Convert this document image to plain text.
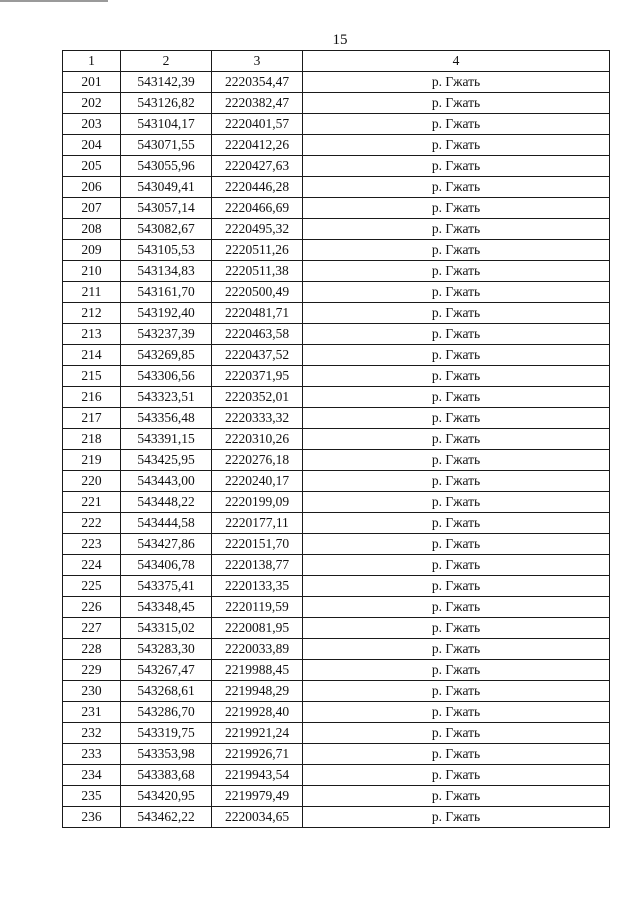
15
1	2	3	4
201	543142,39	2220354,47	р. Гжать
202	543126,82	2220382,47	р. Гжать
203	543104,17	2220401,57	р. Гжать
204	543071,55	2220412,26	р. Гжать
205	543055,96	2220427,63	р. Гжать
206	543049,41	2220446,28	р. Гжать
207	543057,14	2220466,69	р. Гжать
208	543082,67	2220495,32	р. Гжать
209	543105,53	2220511,26	р. Гжать
210	543134,83	2220511,38	р. Гжать
211	543161,70	2220500,49	р. Гжать
212	543192,40	2220481,71	р. Гжать
213	543237,39	2220463,58	р. Гжать
214	543269,85	2220437,52	р. Гжать
215	543306,56	2220371,95	р. Гжать
216	543323,51	2220352,01	р. Гжать
217	543356,48	2220333,32	р. Гжать
218	543391,15	2220310,26	р. Гжать
219	543425,95	2220276,18	р. Гжать
220	543443,00	2220240,17	р. Гжать
221	543448,22	2220199,09	р. Гжать
222	543444,58	2220177,11	р. Гжать
223	543427,86	2220151,70	р. Гжать
224	543406,78	2220138,77	р. Гжать
225	543375,41	2220133,35	р. Гжать
226	543348,45	2220119,59	р. Гжать
227	543315,02	2220081,95	р. Гжать
228	543283,30	2220033,89	р. Гжать
229	543267,47	2219988,45	р. Гжать
230	543268,61	2219948,29	р. Гжать
231	543286,70	2219928,40	р. Гжать
232	543319,75	2219921,24	р. Гжать
233	543353,98	2219926,71	р. Гжать
234	543383,68	2219943,54	р. Гжать
235	543420,95	2219979,49	р. Гжать
236	543462,22	2220034,65	р. Гжать
